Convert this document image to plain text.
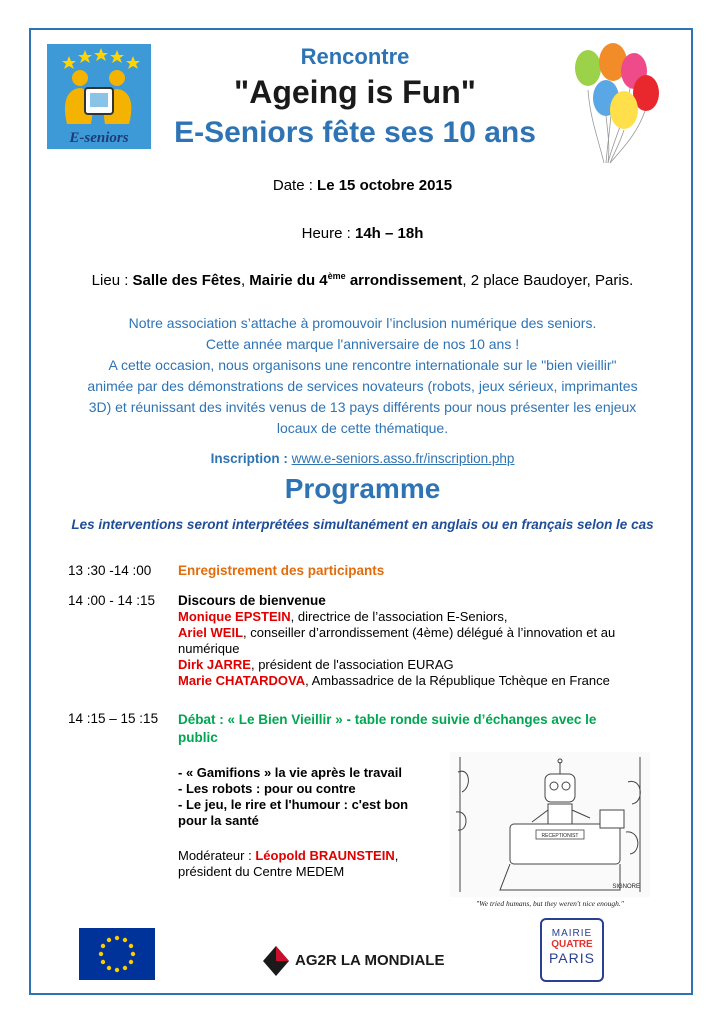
E-seniors
Rencontre
"Ageing is Fun"
E-Seniors fête ses 10 ans
Date : Le 15 octobre 2015
Heure : 14h – 18h
Lieu : Salle des Fêtes, Mairie du 4ème arrondissement, 2 place Baudoyer, Paris.
Notre association s’attache à promouvoir l’inclusion numérique des seniors.
Cette année marque l'anniversaire de nos 10 ans !
A cette occasion, nous organisons une rencontre internationale sur le "bien vieillir"
animée par des démonstrations de services novateurs (robots, jeux sérieux, imprimantes
3D) et réunissant des invités venus de 13 pays différents pour nous présenter les enjeux
locaux de cette thématique.
Inscription : www.e-seniors.asso.fr/inscription.php
Programme
Les interventions seront interprétées simultanément en anglais ou en français selon le cas
13 :30 -14 :00 Enregistrement des participants
14 :00 - 14 :15 Discours de bienvenue
Monique EPSTEIN, directrice de l’association E-Seniors,
Ariel WEIL, conseiller d’arrondissement (4ème) délégué à l’innovation et au
numérique
Dirk JARRE, président de l'association EURAG
Marie CHATARDOVA, Ambassadrice de la République Tchèque en France
14 :15 – 15 :15 Débat : « Le Bien Vieillir » - table ronde suivie d’échanges avec le
public
- « Gamifions » la vie après le travail
- Les robots : pour ou contre
- Le jeu, le rire et l'humour : c'est bon
pour la santé
Modérateur : Léopold BRAUNSTEIN,
président du Centre MEDEM
RECEPTIONIST
SIGNORE
"We tried humans, but they weren't nice enough."
AG2R LA MONDIALE
MAIRIE
QUATRE
PARIS
